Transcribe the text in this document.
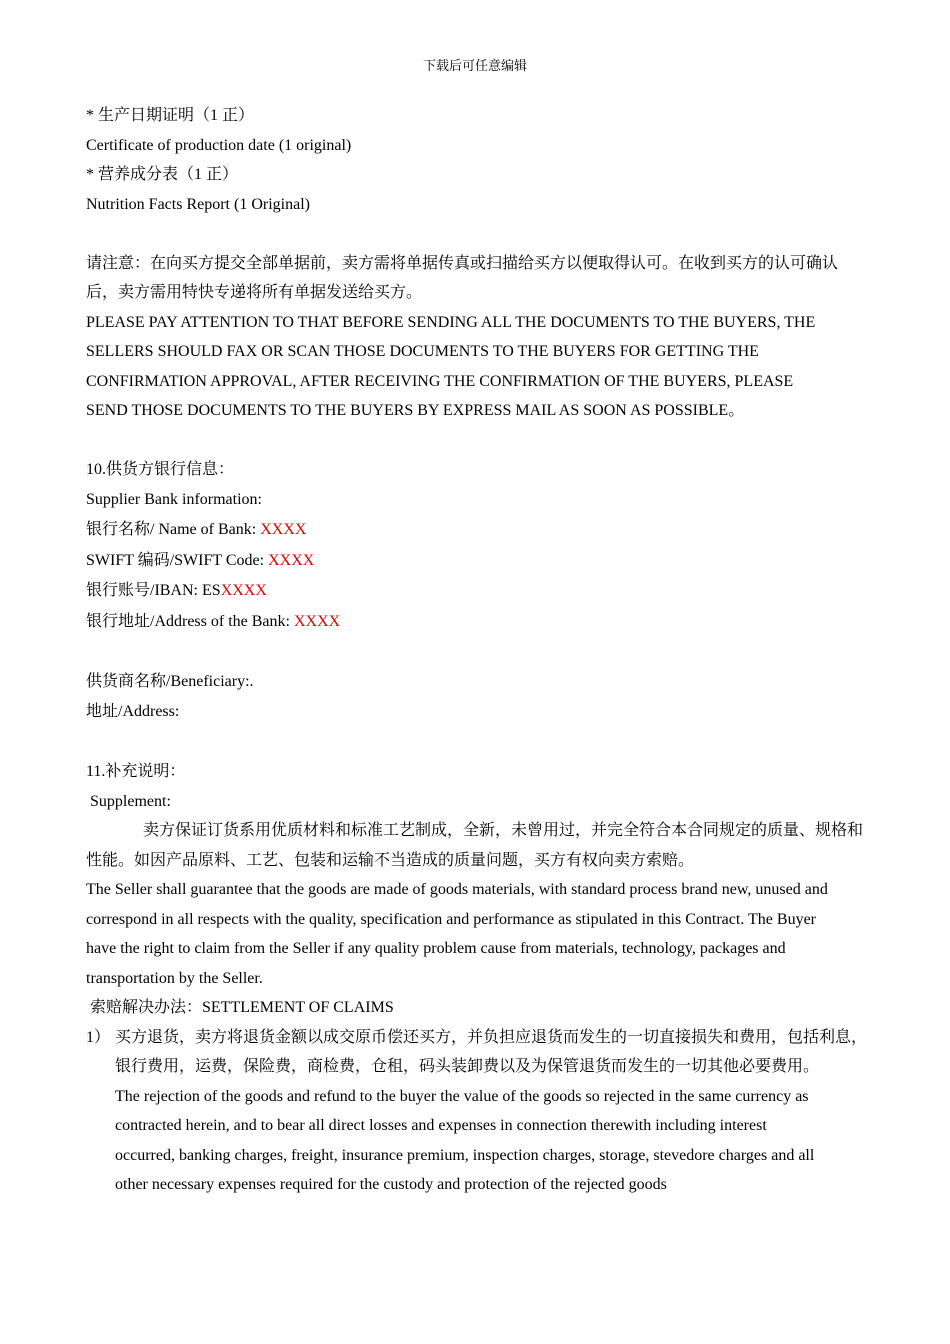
下载后可任意编辑

* 生产日期证明（1 正）

Certificate of production date (1 original)

* 营养成分表（1 正）

Nutrition Facts Report (1 Original)

请注意：在向买方提交全部单据前，卖方需将单据传真或扫描给买方以便取得认可。在收到买方的认可确认后，卖方需用特快专递将所有单据发送给买方。

PLEASE PAY ATTENTION TO THAT BEFORE SENDING ALL THE DOCUMENTS TO THE BUYERS, THE

SELLERS SHOULD FAX OR SCAN THOSE DOCUMENTS TO THE BUYERS FOR GETTING THE

CONFIRMATION APPROVAL, AFTER RECEIVING THE CONFIRMATION OF THE BUYERS, PLEASE

SEND THOSE DOCUMENTS TO THE BUYERS BY EXPRESS MAIL AS SOON AS POSSIBLE。

10.供货方银行信息：

Supplier Bank information:

银行名称/ Name of Bank: XXXX

SWIFT 编码/SWIFT Code: XXXX

银行账号/IBAN: ESXXXX

银行地址/Address of the Bank: XXXX

供货商名称/Beneficiary:.

地址/Address:

11.补充说明：

Supplement:

卖方保证订货系用优质材料和标准工艺制成，全新，未曾用过，并完全符合本合同规定的质量、规格和性能。如因产品原料、工艺、包装和运输不当造成的质量问题，买方有权向卖方索赔。

The Seller shall guarantee that the goods are made of goods materials, with standard process brand new, unused and

correspond in all respects with the quality, specification and performance as stipulated in this Contract. The Buyer

have the right to claim from the Seller if any quality problem cause from materials, technology, packages and

transportation by the Seller.

索赔解决办法：SETTLEMENT OF CLAIMS

1） 买方退货，卖方将退货金额以成交原币偿还买方，并负担应退货而发生的一切直接损失和费用，包括利息，银行费用，运费，保险费，商检费，仓租，码头装卸费以及为保管退货而发生的一切其他必要费用。

The rejection of the goods and refund to the buyer the value of the goods so rejected in the same currency as

contracted herein, and to bear all direct losses and expenses in connection therewith including interest

occurred, banking charges, freight, insurance premium, inspection charges, storage, stevedore charges and all

other necessary expenses required for the custody and protection of the rejected goods
